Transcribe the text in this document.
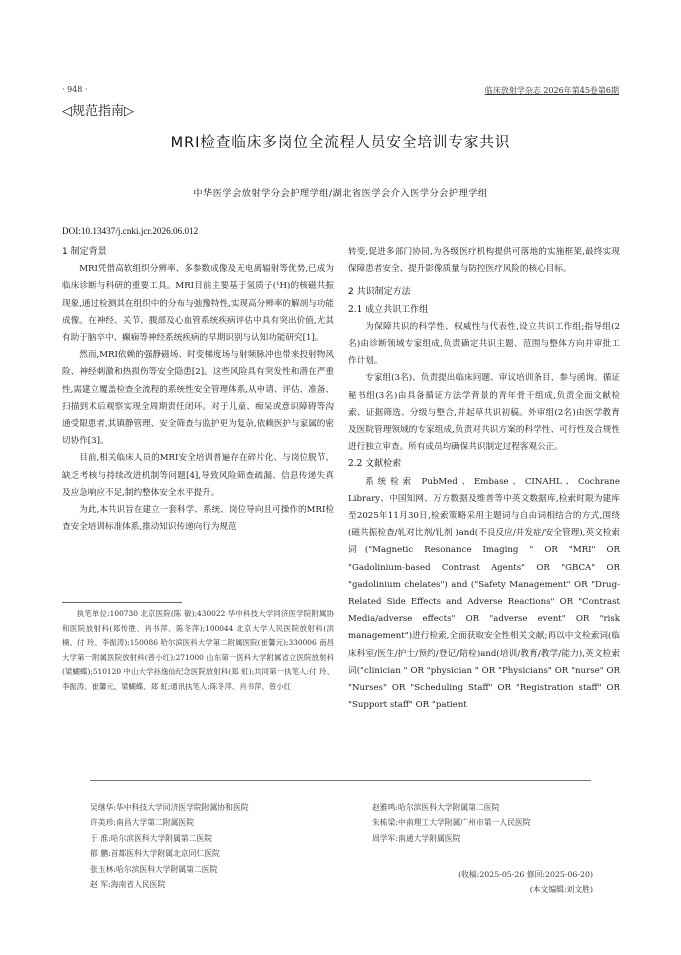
· 948 ·	临床放射学杂志 2026年第45卷第6期
◁规范指南▷
MRI检查临床多岗位全流程人员安全培训专家共识
中华医学会放射学分会护理学组/湖北省医学会介入医学分会护理学组
DOI:10.13437/j.cnki.jcr.2026.06.012

1 制定背景

MRI凭借高软组织分辨率、多参数成像及无电离辐射等优势,已成为临床诊断与科研的重要工具。MRI目前主要基于氢质子(¹H)的核磁共振现象,通过检测其在组织中的分布与弛豫特性,实现高分辨率的解剖与功能成像。在神经、关节、腹部及心血管系统疾病评估中具有突出价值,尤其有助于脑卒中、癫痫等神经系统疾病的早期识别与认知功能研究[1]。

然而,MRI依赖的强静磁场、时变梯度场与射频脉冲也带来投射物风险、神经刺激和热损伤等安全隐患[2]。这些风险具有突发性和潜在严重性,需建立覆盖检查全流程的系统性安全管理体系,从申请、评估、准备、扫描到术后观察实现全周期责任闭环。对于儿童、痴呆或意识障碍等沟通受限患者,其镇静管理、安全筛查与监护更为复杂,依赖医护与家属的密切协作[3]。

目前,相关临床人员的MRI安全培训普遍存在碎片化、与岗位脱节、缺乏考核与持续改进机制等问题[4],导致风险筛查疏漏、信息传递失真及应急响应不足,制约整体安全水平提升。

为此,本共识旨在建立一套科学、系统、岗位导向且可操作的MRI检查安全培训标准体系,推动知识传递向行为规范

执笔单位:100730 北京医院(陈 敏);430022 华中科技大学同济医学院附属协和医院放射科(郑传胜、肖书萍、陈冬萍);100044 北京大学人民医院放射科(洪 楠、付 玲、李振涛);150086 哈尔滨医科大学第二附属医院(崔馨元);330006 南昌大学第一附属医院放射科(曾小红);271000 山东第一医科大学附属省立医院放射科(梁蝴蝶);510120 中山大学孙逸仙纪念医院放射科(郑 虹);共同第一执笔人:付 玲、李振涛、崔馨元、梁蝴蝶、郑 虹;通讯执笔人:陈冬萍、肖书萍、曾小红

转变,促进多部门协同,为各级医疗机构提供可落地的实施框架,最终实现保障患者安全、提升影像质量与防控医疗风险的核心目标。

2 共识制定方法

2.1 成立共识工作组

为保障共识的科学性、权威性与代表性,设立共识工作组;指导组(2名)由诊断领域专家组成,负责确定共识主题、范围与整体方向并审批工作计划。

专家组(3名)、负责提出临床问题、审议培训条目、参与函询。循证秘书组(3名)由具备循证方法学背景的青年骨干组成,负责全面文献检索、证据筛选、分级与整合,并起草共识初稿。外审组(2名)由医学教育及医院管理领域的专家组成,负责对共识方案的科学性、可行性及合规性进行独立审查。所有成员均确保共识制定过程客观公正。

2.2 文献检索

系统检索 PubMed、Embase、CINAHL、Cochrane Library、中国知网、万方数据及维普等中英文数据库,检索时限为建库至2025年11月30日,检索策略采用主题词与自由词相结合的方式,围绕(磁共振检查/轧对比剂/钆剂 )and(不良反应/并发症/安全管理),英文检索词("Magnetic Resonance Imaging " OR "MRI" OR "Gadolinium-based Contrast Agents" OR "GBCA" OR "gadolinium chelates") and ("Safety Management" OR "Drug-Related Side Effects and Adverse Reactions" OR "Contrast Media/adverse effects" OR "adverse event" OR "risk management")进行检索,全面获取安全性相关文献;再以中文检索词(临床科室/医生/护士/预约/登记/陪检)and(培训/教育/教学/能力),英文检索词("clinician " OR "physician " OR "Physicians" OR "nurse" OR "Nurses" OR "Scheduling Staff" OR "Registration staff" OR "Support staff" OR "patient

吴继华:华中科技大学同济医学院附属协和医院
许美珍:南昌大学第二附属医院
于 淮:哈尔滨医科大学附属第二医院
郁 鹏:首都医科大学附属北京同仁医院
张玉林:哈尔滨医科大学附属第二医院
赵 军:海南省人民医院
赵雅鸣:哈尔滨医科大学附属第二医院
朱栋梁:中南理工大学附属广州市第一人民医院
周学军:南通大学附属医院
(收稿:2025-05-26 修回:2025-06-20)
(本文编辑:刘文胜)
